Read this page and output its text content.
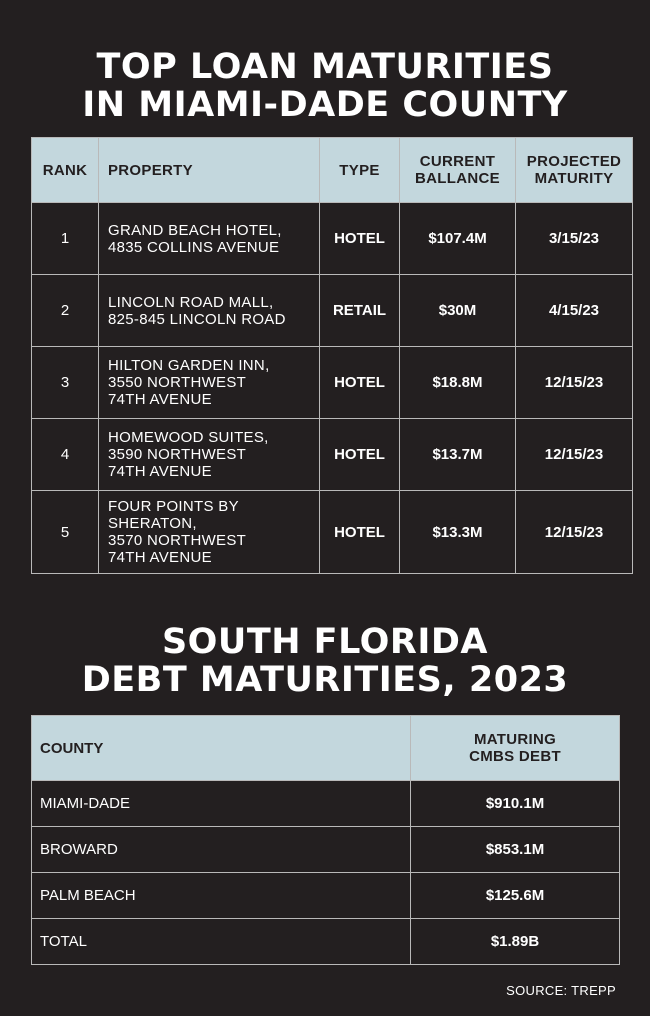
TOP LOAN MATURITIES
IN MIAMI-DADE COUNTY
RANK	PROPERTY	TYPE	CURRENT
BALLANCE	PROJECTED
MATURITY

1	GRAND BEACH HOTEL,
4835 COLLINS AVENUE	HOTEL	$107.4M	3/15/23
2	LINCOLN ROAD MALL,
825-845 LINCOLN ROAD	RETAIL	$30M	4/15/23
3	HILTON GARDEN INN,
3550 NORTHWEST
74TH AVENUE	HOTEL	$18.8M	12/15/23
4	HOMEWOOD SUITES,
3590 NORTHWEST
74TH AVENUE	HOTEL	$13.7M	12/15/23
5	FOUR POINTS BY
SHERATON,
3570 NORTHWEST
74TH AVENUE	HOTEL	$13.3M	12/15/23
SOUTH FLORIDA
DEBT MATURITIES, 2023
COUNTY	MATURING
CMBS DEBT

MIAMI-DADE	$910.1M
BROWARD	$853.1M
PALM BEACH	$125.6M
TOTAL	$1.89B
SOURCE: TREPP
